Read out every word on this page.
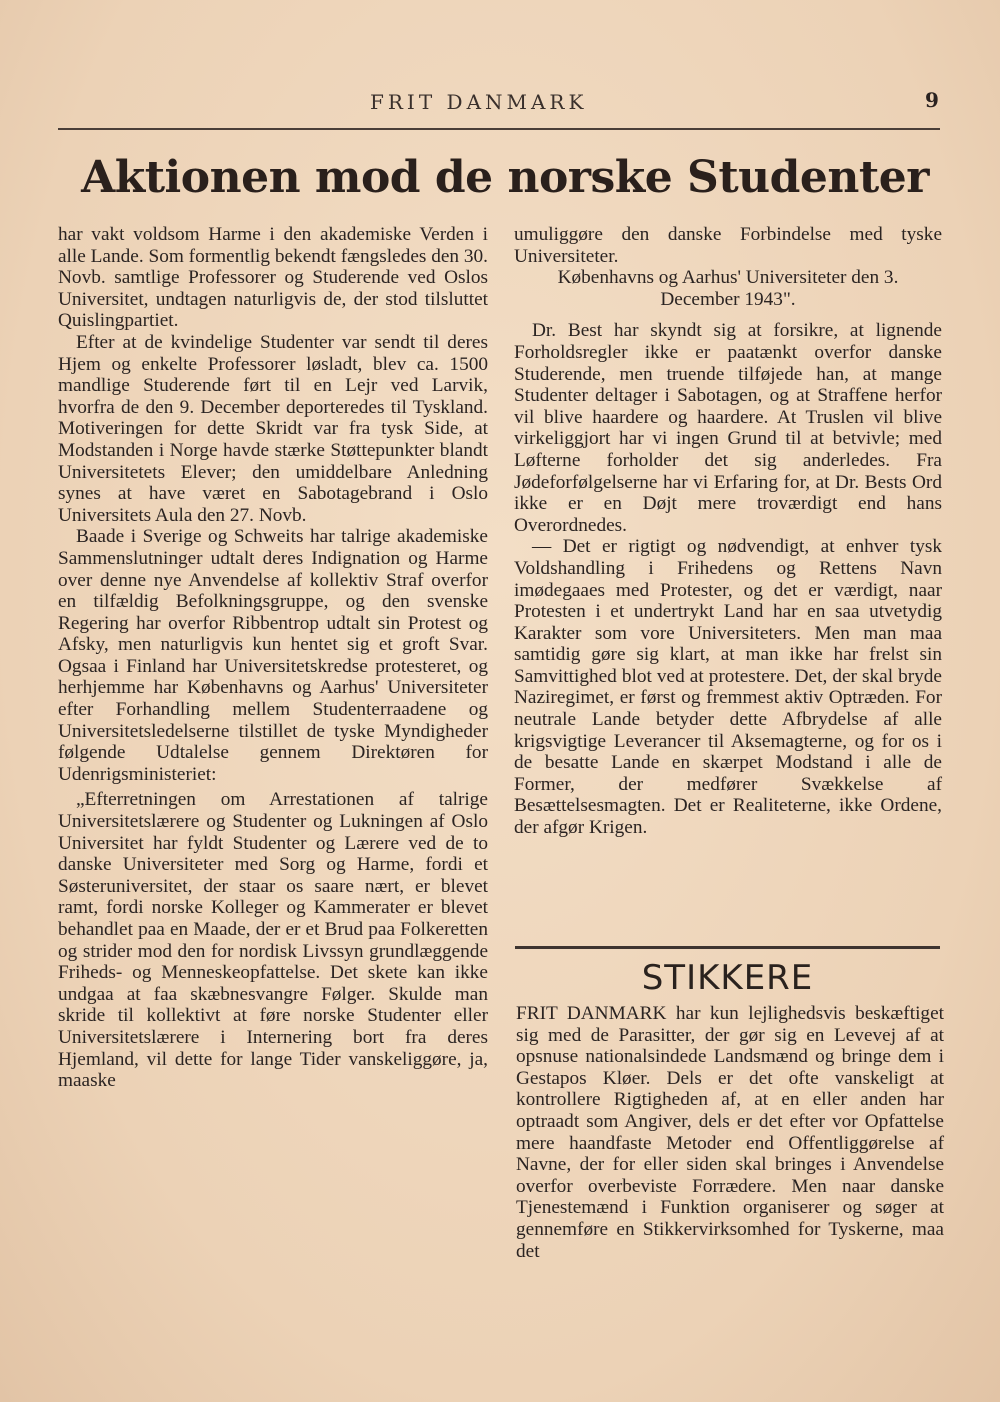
FRIT DANMARK	9
Aktionen mod de norske Studenter

har vakt voldsom Harme i den akademiske Verden i alle Lande. Som formentlig bekendt fængsledes den 30. Novb. samtlige Professorer og Studerende ved Oslos Universitet, undtagen naturligvis de, der stod tilsluttet Quislingpartiet.

Efter at de kvindelige Studenter var sendt til deres Hjem og enkelte Professorer løsladt, blev ca. 1500 mandlige Studerende ført til en Lejr ved Larvik, hvorfra de den 9. December deporteredes til Tyskland. Motiveringen for dette Skridt var fra tysk Side, at Modstanden i Norge havde stærke Støttepunkter blandt Universitetets Elever; den umiddelbare Anledning synes at have været en Sabotagebrand i Oslo Universitets Aula den 27. Novb.

Baade i Sverige og Schweits har talrige akademiske Sammenslutninger udtalt deres Indignation og Harme over denne nye Anvendelse af kollektiv Straf overfor en tilfældig Befolkningsgruppe, og den svenske Regering har overfor Ribbentrop udtalt sin Protest og Afsky, men naturligvis kun hentet sig et groft Svar. Ogsaa i Finland har Universitetskredse protesteret, og herhjemme har Københavns og Aarhus' Universiteter efter Forhandling mellem Studenterraadene og Universitetsledelserne tilstillet de tyske Myndigheder følgende Udtalelse gennem Direktøren for Udenrigsministeriet:

„Efterretningen om Arrestationen af talrige Universitetslærere og Studenter og Lukningen af Oslo Universitet har fyldt Studenter og Lærere ved de to danske Universiteter med Sorg og Harme, fordi et Søsteruniversitet, der staar os saare nært, er blevet ramt, fordi norske Kolleger og Kammerater er blevet behandlet paa en Maade, der er et Brud paa Folkeretten og strider mod den for nordisk Livssyn grundlæggende Friheds- og Menneskeopfattelse. Det skete kan ikke undgaa at faa skæbnesvangre Følger. Skulde man skride til kollektivt at føre norske Studenter eller Universitetslærere i Internering bort fra deres Hjemland, vil dette for lange Tider vanskeliggøre, ja, maaske

umuliggøre den danske Forbindelse med tyske Universiteter.

Københavns og Aarhus' Universiteter den 3. December 1943".

Dr. Best har skyndt sig at forsikre, at lignende Forholdsregler ikke er paatænkt overfor danske Studerende, men truende tilføjede han, at mange Studenter deltager i Sabotagen, og at Straffene herfor vil blive haardere og haardere. At Truslen vil blive virkeliggjort har vi ingen Grund til at betvivle; med Løfterne forholder det sig anderledes. Fra Jødeforfølgelserne har vi Erfaring for, at Dr. Bests Ord ikke er en Døjt mere troværdigt end hans Overordnedes.

— Det er rigtigt og nødvendigt, at enhver tysk Voldshandling i Frihedens og Rettens Navn imødegaaes med Protester, og det er værdigt, naar Protesten i et undertrykt Land har en saa utvetydig Karakter som vore Universiteters. Men man maa samtidig gøre sig klart, at man ikke har frelst sin Samvittighed blot ved at protestere. Det, der skal bryde Naziregimet, er først og fremmest aktiv Optræden. For neutrale Lande betyder dette Afbrydelse af alle krigsvigtige Leverancer til Aksemagterne, og for os i de besatte Lande en skærpet Modstand i alle de Former, der medfører Svækkelse af Besættelsesmagten. Det er Realiteterne, ikke Ordene, der afgør Krigen.

STIKKERE

FRIT DANMARK har kun lejlighedsvis beskæftiget sig med de Parasitter, der gør sig en Levevej af at opsnuse nationalsindede Landsmænd og bringe dem i Gestapos Kløer. Dels er det ofte vanskeligt at kontrollere Rigtigheden af, at en eller anden har optraadt som Angiver, dels er det efter vor Opfattelse mere haandfaste Metoder end Offentliggørelse af Navne, der for eller siden skal bringes i Anvendelse overfor overbeviste Forrædere. Men naar danske Tjenestemænd i Funktion organiserer og søger at gennemføre en Stikkervirksomhed for Tyskerne, maa det
